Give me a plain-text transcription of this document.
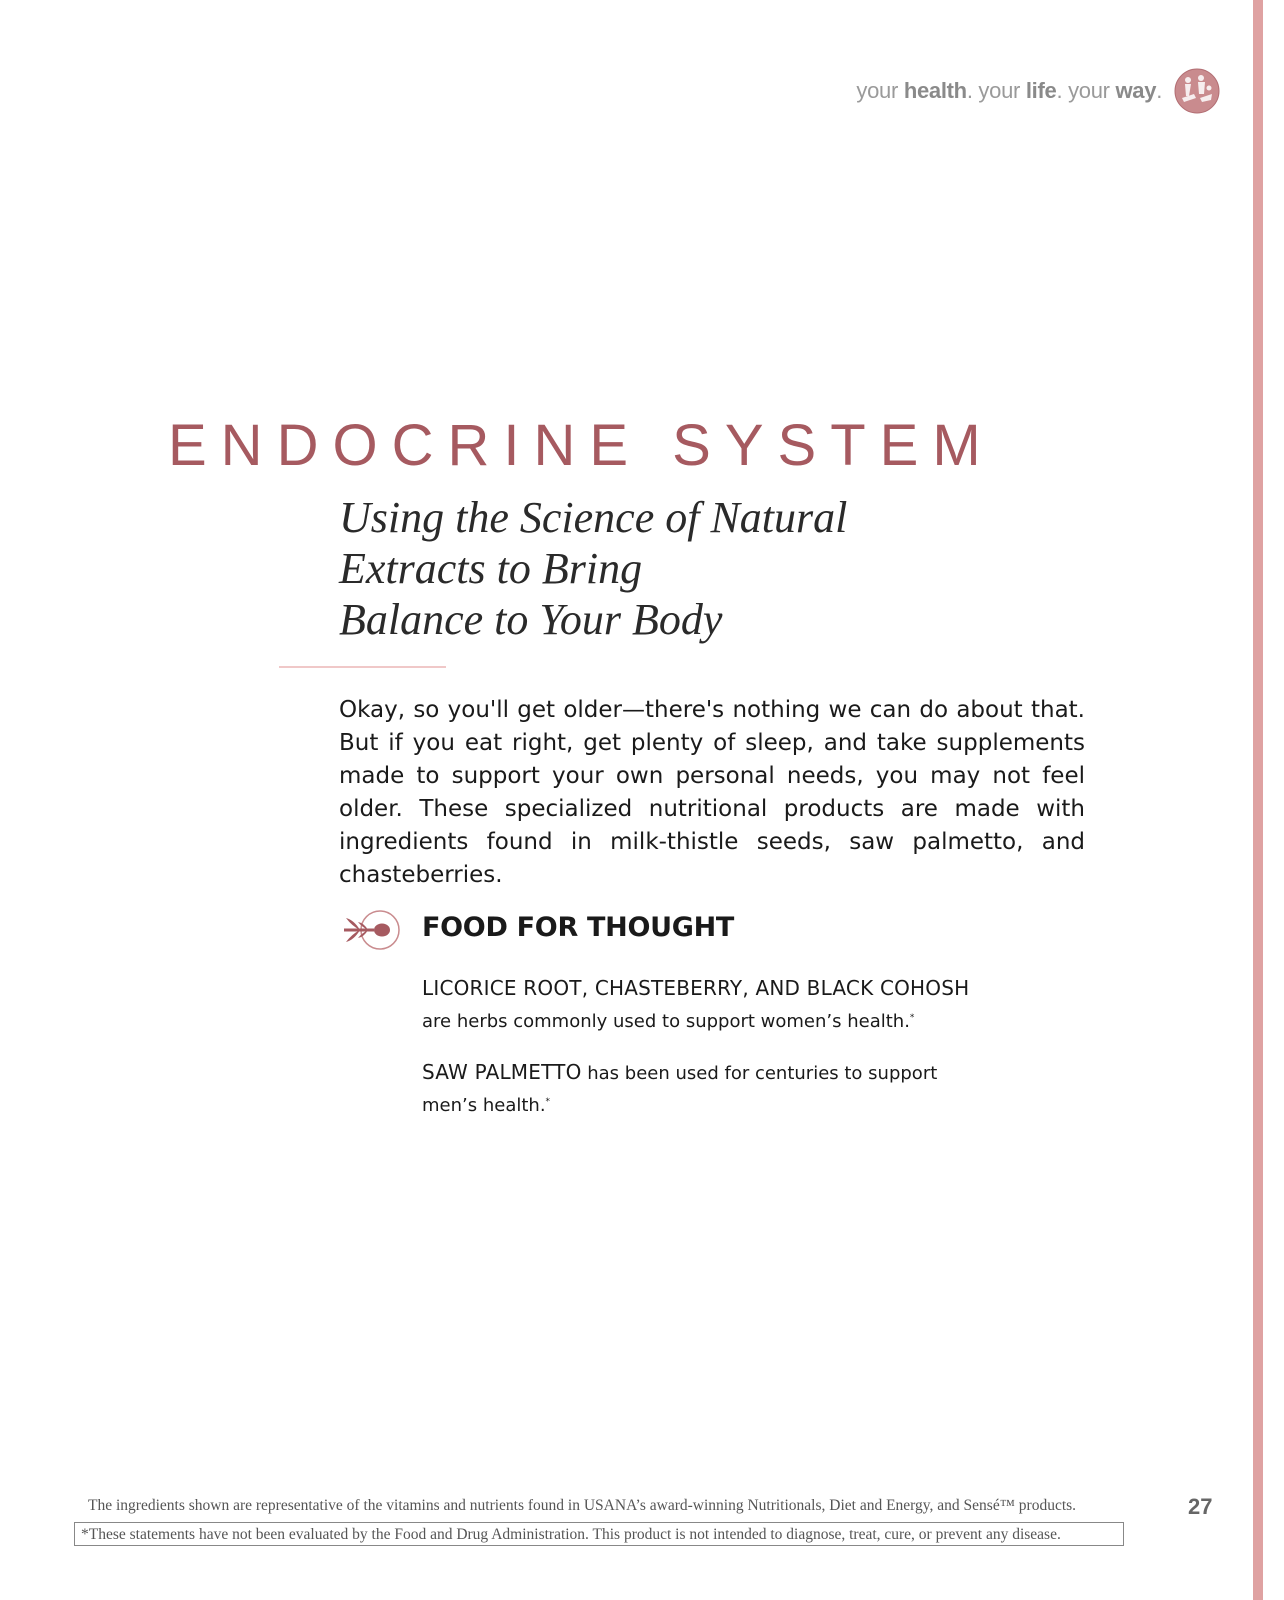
your health. your life. your way.
ENDOCRINE SYSTEM
Using the Science of Natural
Extracts to Bring
Balance to Your Body
Okay, so you'll get older—there's nothing we can do about that. But if you eat right, get plenty of sleep, and take supplements made to support your own personal needs, you may not feel older. These specialized nutritional products are made with ingredients found in milk-thistle seeds, saw palmetto, and chasteberries.
FOOD FOR THOUGHT
LICORICE ROOT, CHASTEBERRY, AND BLACK COHOSH
are herbs commonly used to support women’s health.*
SAW PALMETTO has been used for centuries to support
men’s health.*
The ingredients shown are representative of the vitamins and nutrients found in USANA’s award-winning Nutritionals, Diet and Energy, and Sensé™ products.
*These statements have not been evaluated by the Food and Drug Administration. This product is not intended to diagnose, treat, cure, or prevent any disease.
27
